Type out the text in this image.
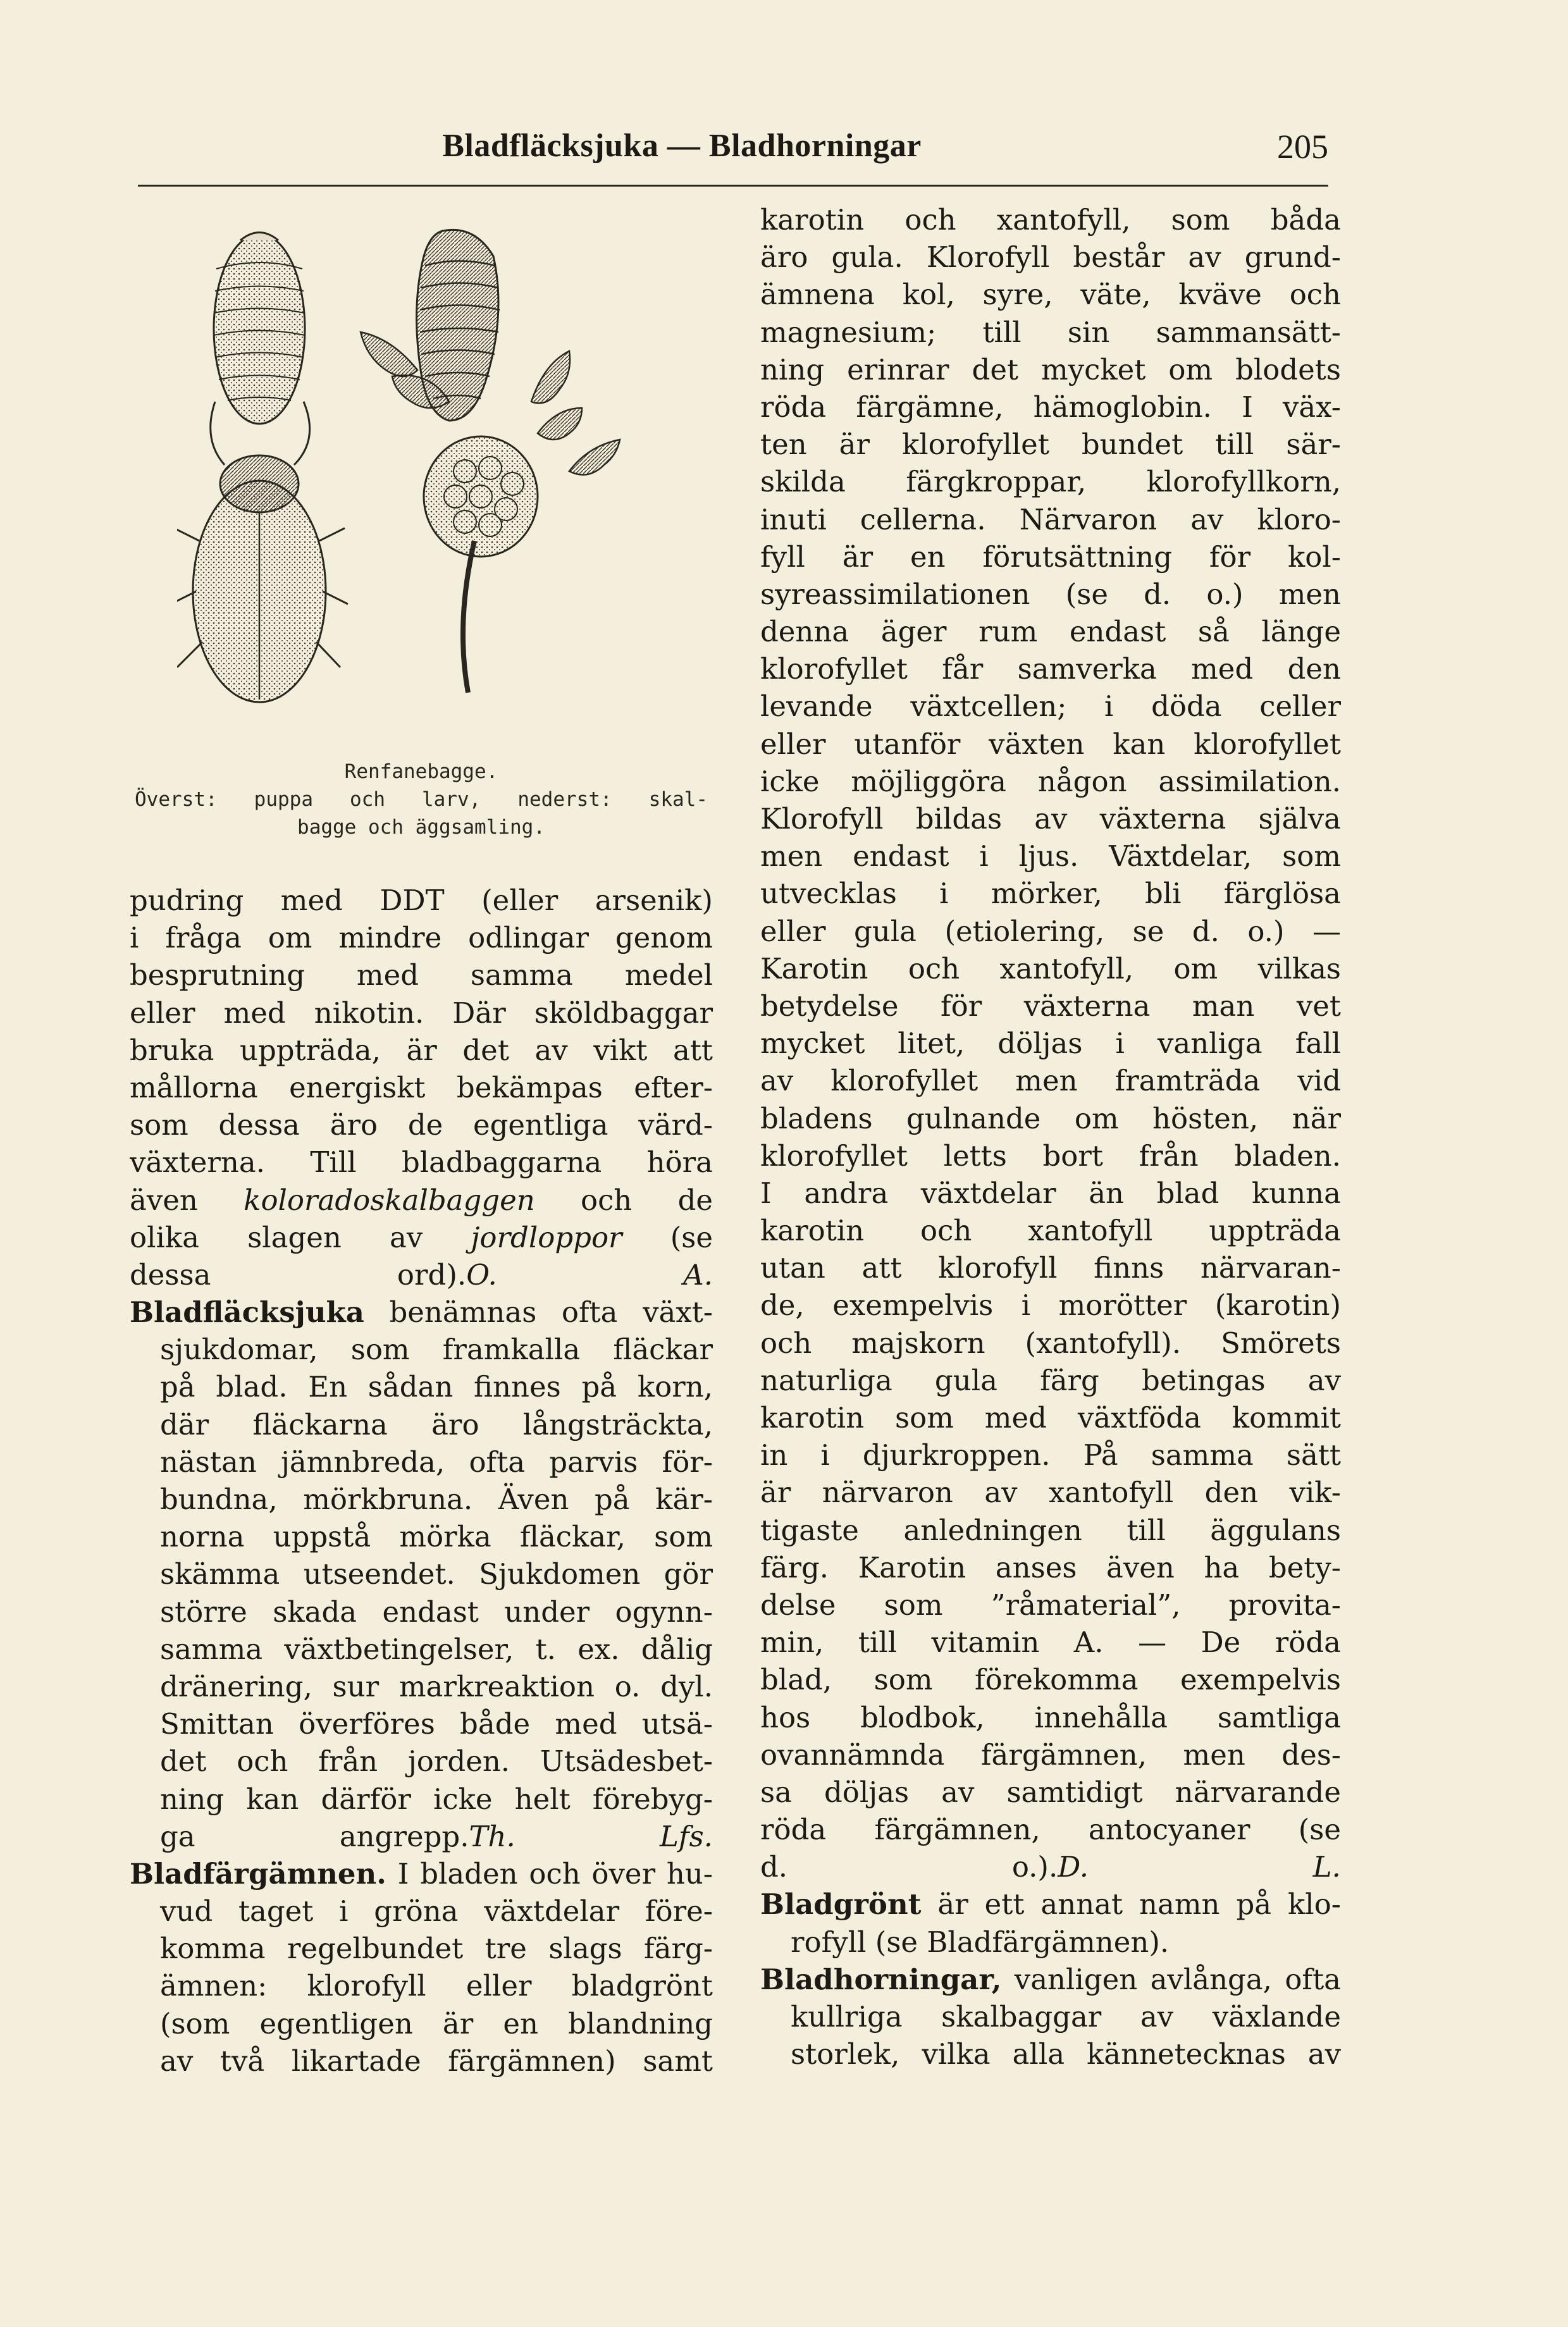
Bladfläcksjuka — Bladhorningar	205
Renfanebagge.
Överst: puppa och larv, nederst: skal-
bagge och äggsamling.
pudring med DDT (eller arsenik)
i fråga om mindre odlingar genom
besprutning med samma medel
eller med nikotin. Där sköldbaggar
bruka uppträda, är det av vikt att
mållorna energiskt bekämpas efter-
som dessa äro de egentliga värd-
växterna. Till bladbaggarna höra
även koloradoskalbaggen och de
olika slagen av jordloppor (se
dessa ord).O. A.
Bladfläcksjuka benämnas ofta växt-
sjukdomar, som framkalla fläckar
på blad. En sådan finnes på korn,
där fläckarna äro långsträckta,
nästan jämnbreda, ofta parvis för-
bundna, mörkbruna. Även på kär-
norna uppstå mörka fläckar, som
skämma utseendet. Sjukdomen gör
större skada endast under ogynn-
samma växtbetingelser, t. ex. dålig
dränering, sur markreaktion o. dyl.
Smittan överföres både med utsä-
det och från jorden. Utsädesbet-
ning kan därför icke helt förebyg-
ga angrepp.Th. Lfs.
Bladfärgämnen. I bladen och över hu-
vud taget i gröna växtdelar före-
komma regelbundet tre slags färg-
ämnen: klorofyll eller bladgrönt
(som egentligen är en blandning
av två likartade färgämnen) samt
karotin och xantofyll, som båda
äro gula. Klorofyll består av grund-
ämnena kol, syre, väte, kväve och
magnesium; till sin sammansätt-
ning erinrar det mycket om blodets
röda färgämne, hämoglobin. I väx-
ten är klorofyllet bundet till sär-
skilda färgkroppar, klorofyllkorn,
inuti cellerna. Närvaron av kloro-
fyll är en förutsättning för kol-
syreassimilationen (se d. o.) men
denna äger rum endast så länge
klorofyllet får samverka med den
levande växtcellen; i döda celler
eller utanför växten kan klorofyllet
icke möjliggöra någon assimilation.
Klorofyll bildas av växterna själva
men endast i ljus. Växtdelar, som
utvecklas i mörker, bli färglösa
eller gula (etiolering, se d. o.) —
Karotin och xantofyll, om vilkas
betydelse för växterna man vet
mycket litet, döljas i vanliga fall
av klorofyllet men framträda vid
bladens gulnande om hösten, när
klorofyllet letts bort från bladen.
I andra växtdelar än blad kunna
karotin och xantofyll uppträda
utan att klorofyll finns närvaran-
de, exempelvis i morötter (karotin)
och majskorn (xantofyll). Smörets
naturliga gula färg betingas av
karotin som med växtföda kommit
in i djurkroppen. På samma sätt
är närvaron av xantofyll den vik-
tigaste anledningen till äggulans
färg. Karotin anses även ha bety-
delse som ”råmaterial”, provita-
min, till vitamin A. — De röda
blad, som förekomma exempelvis
hos blodbok, innehålla samtliga
ovannämnda färgämnen, men des-
sa döljas av samtidigt närvarande
röda färgämnen, antocyaner (se
d. o.).D. L.
Bladgrönt är ett annat namn på klo-
rofyll (se Bladfärgämnen).
Bladhorningar, vanligen avlånga, ofta
kullriga skalbaggar av växlande
storlek, vilka alla kännetecknas av
